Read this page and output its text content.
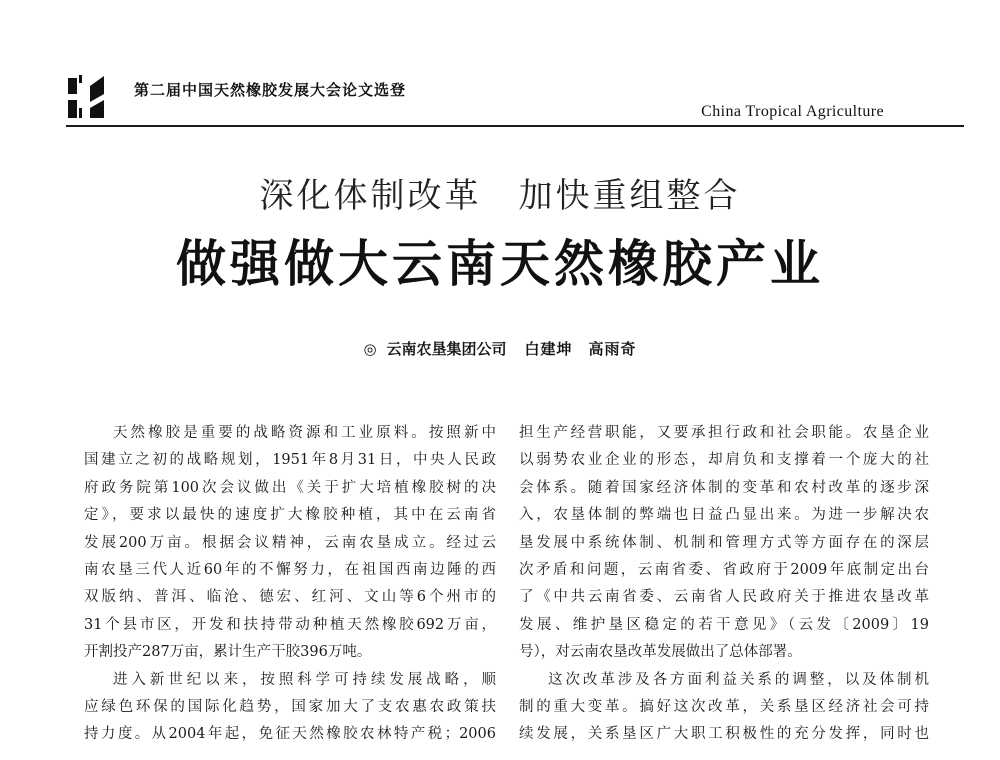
第二届中国天然橡胶发展大会论文选登
China Tropical Agriculture
深化体制改革　加快重组整合
做强做大云南天然橡胶产业
◎ 云南农垦集团公司 白建坤　高雨奇
天然橡胶是重要的战略资源和工业原料。按照新中
国建立之初的战略规划，1951年8月31日，中央人民政
府政务院第100次会议做出《关于扩大培植橡胶树的决
定》，要求以最快的速度扩大橡胶种植，其中在云南省
发展200万亩。根据会议精神，云南农垦成立。经过云
南农垦三代人近60年的不懈努力，在祖国西南边陲的西
双版纳、普洱、临沧、德宏、红河、文山等6个州市的
31个县市区，开发和扶持带动种植天然橡胶692万亩，
开割投产287万亩，累计生产干胶396万吨。
进入新世纪以来，按照科学可持续发展战略，顺
应绿色环保的国际化趋势，国家加大了支农惠农政策扶
持力度。从2004年起，免征天然橡胶农林特产税；2006
担生产经营职能，又要承担行政和社会职能。农垦企业
以弱势农业企业的形态，却肩负和支撑着一个庞大的社
会体系。随着国家经济体制的变革和农村改革的逐步深
入，农垦体制的弊端也日益凸显出来。为进一步解决农
垦发展中系统体制、机制和管理方式等方面存在的深层
次矛盾和问题，云南省委、省政府于2009年底制定出台
了《中共云南省委、云南省人民政府关于推进农垦改革
发展、维护垦区稳定的若干意见》（云发〔2009〕19
号），对云南农垦改革发展做出了总体部署。
这次改革涉及各方面利益关系的调整，以及体制机
制的重大变革。搞好这次改革，关系垦区经济社会可持
续发展，关系垦区广大职工积极性的充分发挥，同时也
